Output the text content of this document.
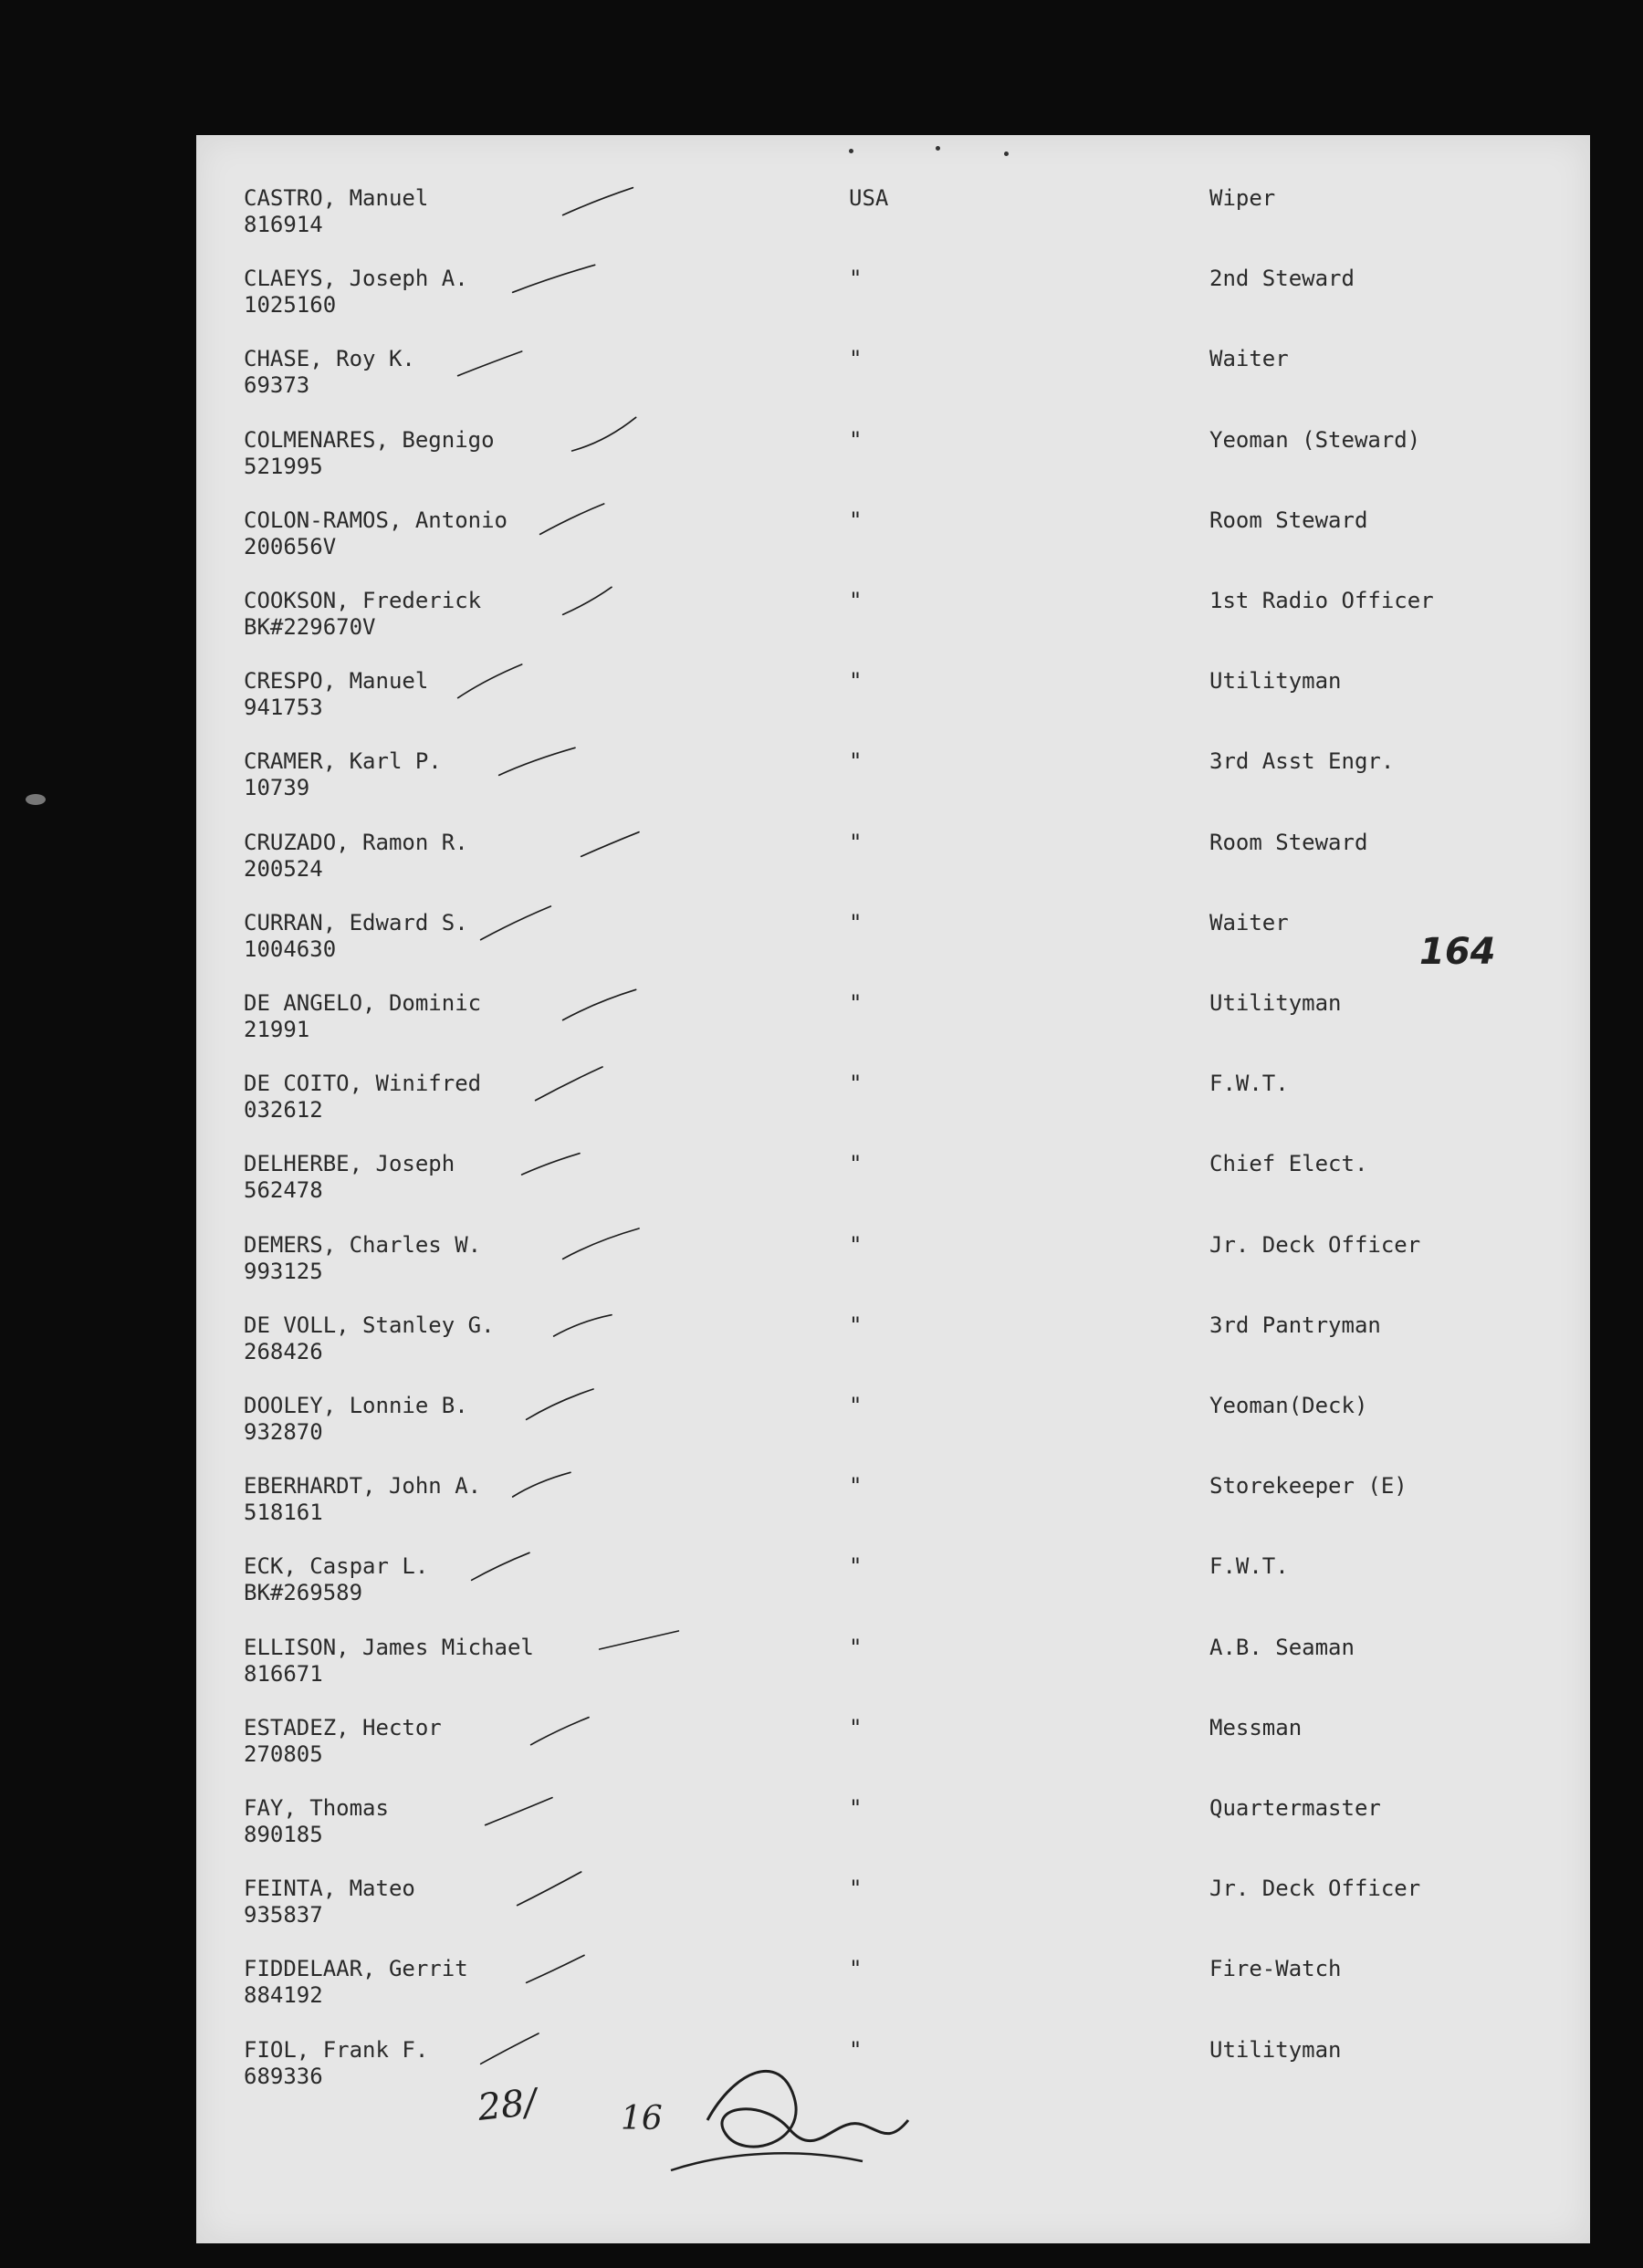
CASTRO, Manuel
816914
USA	Wiper
CLAEYS, Joseph A.
1025160
"	2nd Steward
CHASE, Roy K.
69373
"	Waiter
COLMENARES, Begnigo
521995
"	Yeoman (Steward)
COLON-RAMOS, Antonio
200656V
"	Room Steward
COOKSON, Frederick
BK#229670V
"	1st Radio Officer
CRESPO, Manuel
941753
"	Utilityman
CRAMER, Karl P.
10739
"	3rd Asst Engr.
CRUZADO, Ramon R.
200524
"	Room Steward
CURRAN, Edward S.
1004630
"	Waiter
DE ANGELO, Dominic
21991
"	Utilityman
DE COITO, Winifred
032612
"	F.W.T.
DELHERBE, Joseph
562478
"	Chief Elect.
DEMERS, Charles W.
993125
"	Jr. Deck Officer
DE VOLL, Stanley G.
268426
"	3rd Pantryman
DOOLEY, Lonnie B.
932870
"	Yeoman(Deck)
EBERHARDT, John A.
518161
"	Storekeeper (E)
ECK, Caspar L.
BK#269589
"	F.W.T.
ELLISON, James Michael
816671
"	A.B. Seaman
ESTADEZ, Hector
270805
"	Messman
FAY, Thomas
890185
"	Quartermaster
FEINTA, Mateo
935837
"	Jr. Deck Officer
FIDDELAAR, Gerrit
884192
"	Fire-Watch
FIOL, Frank F.
689336
"	Utilityman
164
28/ 16
